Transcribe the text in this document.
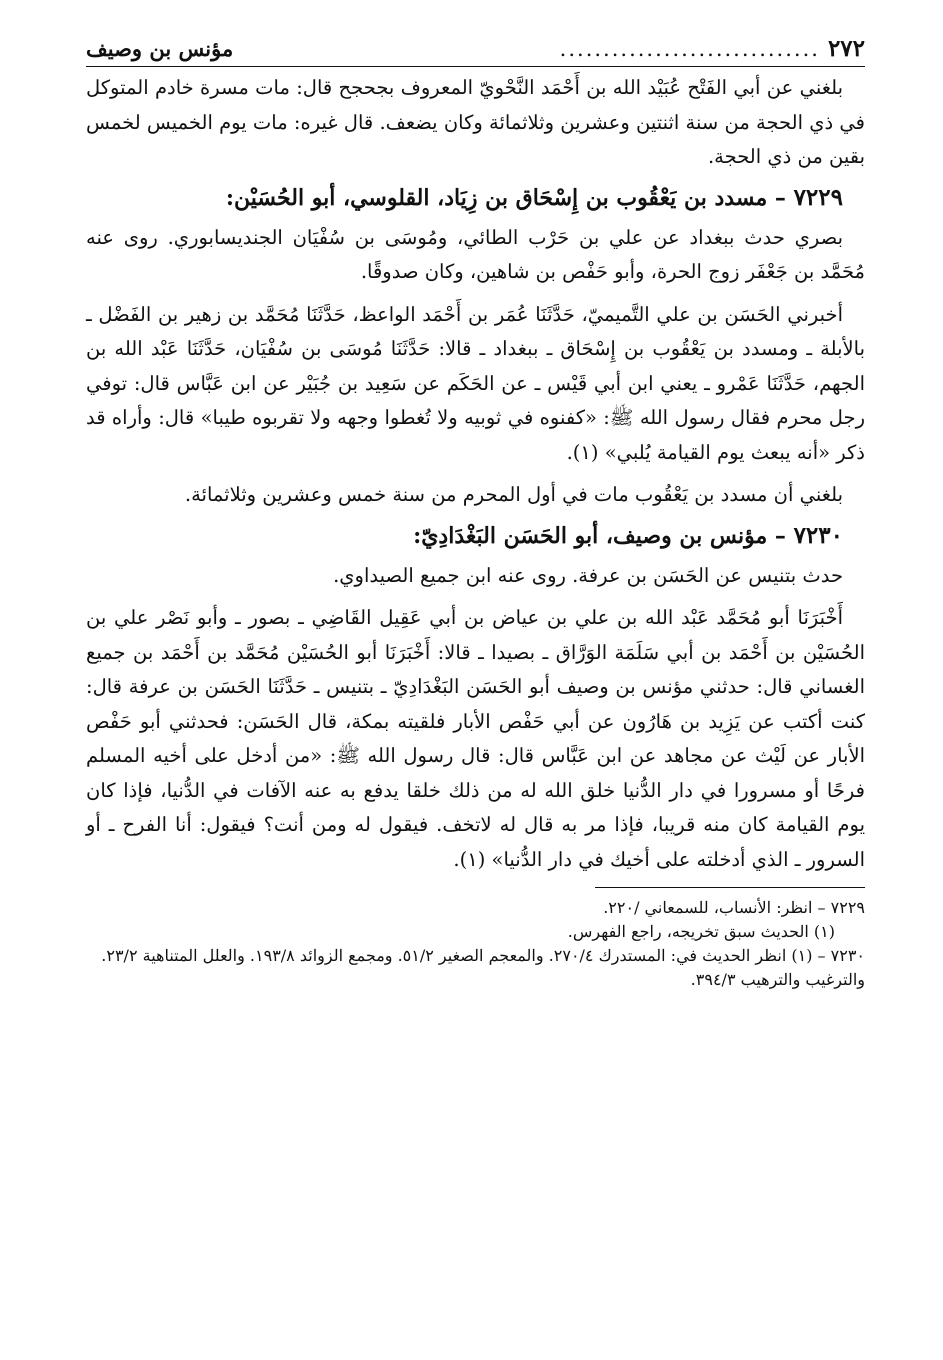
٢٧٢
..............................
مؤنس بن وصيف

بلغني عن أبي الفَتْح عُبَيْد الله بن أَحْمَد النَّحْويّ المعروف بجحجح قال: مات مسرة خادم المتوكل في ذي الحجة من سنة اثنتين وعشرين وثلاثمائة وكان يضعف. قال غيره: مات يوم الخميس لخمس بقين من ذي الحجة.

٧٢٢٩ – مسدد بن يَعْقُوب بن إِسْحَاق بن زِيَاد، القلوسي، أبو الحُسَيْن:

بصري حدث ببغداد عن علي بن حَرْب الطائي، ومُوسَى بن سُفْيَان الجنديسابوري. روى عنه مُحَمَّد بن جَعْفَر زوج الحرة، وأبو حَفْص بن شاهين، وكان صدوقًا.

أخبرني الحَسَن بن علي التَّميميّ، حَدَّثَنَا عُمَر بن أَحْمَد الواعظ، حَدَّثَنَا مُحَمَّد بن زهير بن الفَضْل ـ بالأبلة ـ ومسدد بن يَعْقُوب بن إِسْحَاق ـ ببغداد ـ قالا: حَدَّثَنَا مُوسَى بن سُفْيَان، حَدَّثَنَا عَبْد الله بن الجهم، حَدَّثَنَا عَمْرو ـ يعني ابن أبي قَيْس ـ عن الحَكَم عن سَعِيد بن جُبَيْر عن ابن عَبَّاس قال: توفي رجل محرم فقال رسول الله ﷺ: «كفنوه في ثوبيه ولا تُغطوا وجهه ولا تقربوه طيبا» قال: وأراه قد ذكر «أنه يبعث يوم القيامة يُلبي» (١).

بلغني أن مسدد بن يَعْقُوب مات في أول المحرم من سنة خمس وعشرين وثلاثمائة.

٧٢٣٠ – مؤنس بن وصيف، أبو الحَسَن البَغْدَادِيّ:

حدث بتنيس عن الحَسَن بن عرفة. روى عنه ابن جميع الصيداوي.

أَخْبَرَنَا أبو مُحَمَّد عَبْد الله بن علي بن عياض بن أبي عَقِيل القَاضِي ـ بصور ـ وأبو نَصْر علي بن الحُسَيْن بن أَحْمَد بن أبي سَلَمَة الوَرَّاق ـ بصيدا ـ قالا: أَخْبَرَنَا أبو الحُسَيْن مُحَمَّد بن أَحْمَد بن جميع الغساني قال: حدثني مؤنس بن وصيف أبو الحَسَن البَغْدَادِيّ ـ بتنيس ـ حَدَّثَنَا الحَسَن بن عرفة قال: كنت أكتب عن يَزِيد بن هَارُون عن أبي حَفْص الأبار فلقيته بمكة، قال الحَسَن: فحدثني أبو حَفْص الأبار عن لَيْث عن مجاهد عن ابن عَبَّاس قال: قال رسول الله ﷺ: «من أدخل على أخيه المسلم فرحًا أو مسرورا في دار الدُّنيا خلق الله له من ذلك خلقا يدفع به عنه الآفات في الدُّنيا، فإذا كان يوم القيامة كان منه قريبا، فإذا مر به قال له لاتخف. فيقول له ومن أنت؟ فيقول: أنا الفرح ـ أو السرور ـ الذي أدخلته على أخيك في دار الدُّنيا» (١).

٧٢٢٩ – انظر: الأنساب، للسمعاني /٢٢٠.

(١) الحديث سبق تخريجه، راجع الفهرس.

٧٢٣٠ – (١) انظر الحديث في: المستدرك ٢٧٠/٤. والمعجم الصغير ٥١/٢. ومجمع الزوائد ١٩٣/٨. والعلل المتناهية ٢٣/٢. والترغيب والترهيب ٣٩٤/٣.
